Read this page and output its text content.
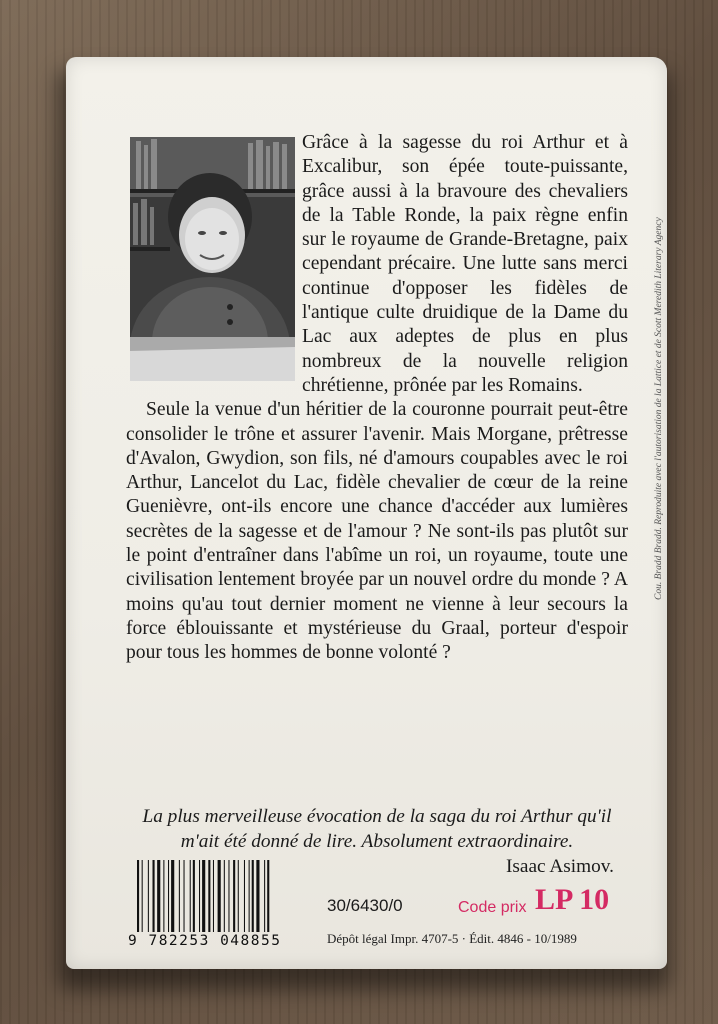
Grâce à la sagesse du roi Arthur et à Excalibur, son épée toute-puissante, grâce aussi à la bravoure des chevaliers de la Table Ronde, la paix règne enfin sur le royaume de Grande-Bretagne, paix cependant précaire. Une lutte sans merci continue d'opposer les fidèles de l'antique culte druidique de la Dame du Lac aux adeptes de plus en plus nombreux de la nouvelle religion chrétienne, prônée par les Romains.

Seule la venue d'un héritier de la couronne pourrait peut-être consolider le trône et assurer l'avenir. Mais Morgane, prêtresse d'Avalon, Gwydion, son fils, né d'amours coupables avec le roi Arthur, Lancelot du Lac, fidèle chevalier de cœur de la reine Guenièvre, ont-ils encore une chance d'accéder aux lumières secrètes de la sagesse et de l'amour ? Ne sont-ils pas plutôt sur le point d'entraîner dans l'abîme un roi, un royaume, toute une civilisation lentement broyée par un nouvel ordre du monde ? A moins qu'au tout dernier moment ne vienne à leur secours la force éblouissante et mystérieuse du Graal, porteur d'espoir pour tous les hommes de bonne volonté ?

La plus merveilleuse évocation de la saga du roi Arthur qu'il m'ait été donné de lire. Absolument extraordinaire.
Isaac Asimov.
9 782253 048855
30/6430/0	Code prix LP 10
Dépôt légal Impr. 4707-5 · Édit. 4846 - 10/1989
Cou. Bradd Bradd. Reproduite avec l'autorisation de la Lattice et de Scott Meredith Literary Agency
